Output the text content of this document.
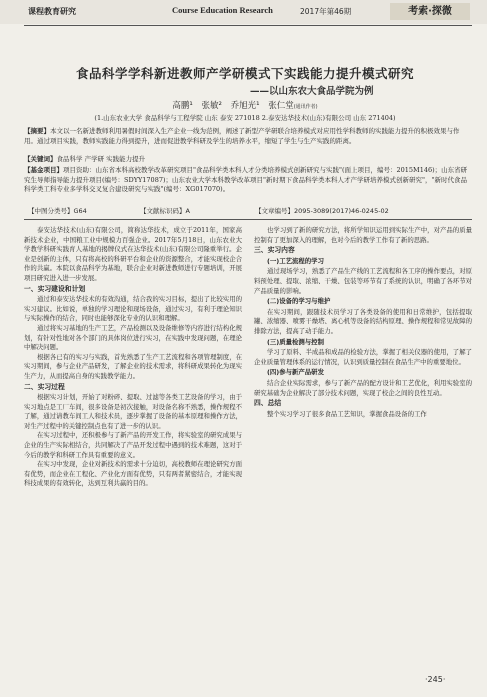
课程教育研究	Course Education Research	2017年第46期	考索·探微
食品科学学科新进教师产学研模式下实践能力提升模式研究
——以山东农大食品学院为例
高鹏¹ 张敏² 乔旭光¹ 张仁堂(通讯作者)
(1.山东农业大学 食品科学与工程学院 山东 泰安 271018 2.泰安达华技术(山东)有限公司 山东 271404)
【摘要】本文以一名新进教师利用暑假时间深入生产企业一线为范例，阐述了新型产学研联合培养模式对应用性学科教师的实践能力提升的积极效果与作用。通过项目实践，教师实践能力得到提升，进而促进教学科研及学生的培养水平，缩短了学生与生产实践的距离。
【关键词】食品科学 产学研 实践能力提升
【基金项目】项目资助：山东省本科高校教学改革研究项目"食品科学类本科人才分类培养模式创新研究与实践"(面上项目，编号：2015M146)；山东省研究生导师指导能力提升项目(编号：SDYY17087)；山东农业大学本科教学改革项目"新时期下食品科学类本科人才产学研培养模式创新研究"，"新时代食品科学类工科专业多学科交叉复合建设研究与实践"(编号：XG017070)。
【中图分类号】G64	【文献标识码】A	【文章编号】2095-3089(2017)46-0245-02

泰安达华技术(山东)有限公司，简称达华技术，成立于2011年，国家高新技术企业，中国粮工业中规模力百强企业。2017年5月18日，山东农业大学教学科研实践育人基地的揭牌仪式在达华技术(山东)有限公司隆重举行。企业是创新的主体，只有将高校的科研平台和企业的资源整合，才能实现校企合作的共赢。本院以食品科学为基地，联合企业对新进教师进行专题培训，开展项目研究进入进一步发展。

一、实习建设和计划

通过和泰安达华技术的有效沟通，结合我的实习目标，提出了比较实用的实习建议。比如说，单独的学习理论和现场设备，通过实习，有利于理论知识与实际操作的结合，同时也能够深化专业的认识和理解。

通过将实习基地的生产工艺，产品检测以及设备维修等内容进行结构化规划，有针对性地对各个部门的具体岗位进行实习，在实践中发现问题，在理论中解决问题。

根据各已有的实习与实践，首先熟悉了生产工艺流程和各项管理制度，在实习期间，参与企业产品研发，了解企业的技术需求，将科研成果转化为现实生产力，从而提高自身的实践教学能力。

二、实习过程

根据实习计划，开始了对粉碎、提取、过滤等各类工艺设备的学习，由于实习地点是工厂车间，很多设备是初次接触，对设备名称不熟悉，操作规程不了解，通过请教车间工人和技术员，逐步掌握了设备的基本原理和操作方法，对生产过程中的关键控制点也有了进一步的认识。

在实习过程中，还积极参与了新产品的开发工作，将实验室的研究成果与企业的生产实际相结合，共同解决了产品开发过程中遇到的技术难题，这对于今后的教学和科研工作具有重要的意义。

在实习中发现，企业对新技术的需求十分迫切，高校教师在理论研究方面有优势，而企业在工程化、产业化方面有优势，只有两者紧密结合，才能实现科技成果的有效转化，达到互利共赢的目的。

也学习到了新的研究方法，将所学知识运用到实际生产中，对产品的质量控制有了更加深入的理解，也对今后的教学工作有了新的思路。

三、实习内容
(一)工艺流程的学习

通过现场学习，熟悉了产品生产线的工艺流程和各工序的操作要点，对原料预处理、提取、浓缩、干燥、包装等环节有了系统的认识，明确了各环节对产品质量的影响。

(二)设备的学习与维护

在实习期间，跟随技术员学习了各类设备的使用和日常维护，包括提取罐、浓缩器、喷雾干燥塔、离心机等设备的结构原理、操作规程和常见故障的排除方法，提高了动手能力。

(三)质量检测与控制

学习了原料、半成品和成品的检验方法，掌握了相关仪器的使用，了解了企业质量管理体系的运行情况，认识到质量控制在食品生产中的重要地位。

(四)参与新产品研发

结合企业实际需求，参与了新产品的配方设计和工艺优化，利用实验室的研究基础为企业解决了部分技术问题，实现了校企之间的良性互动。

四、总结

整个实习学习了很多食品工艺知识，掌握食品设备的工作

·245·
